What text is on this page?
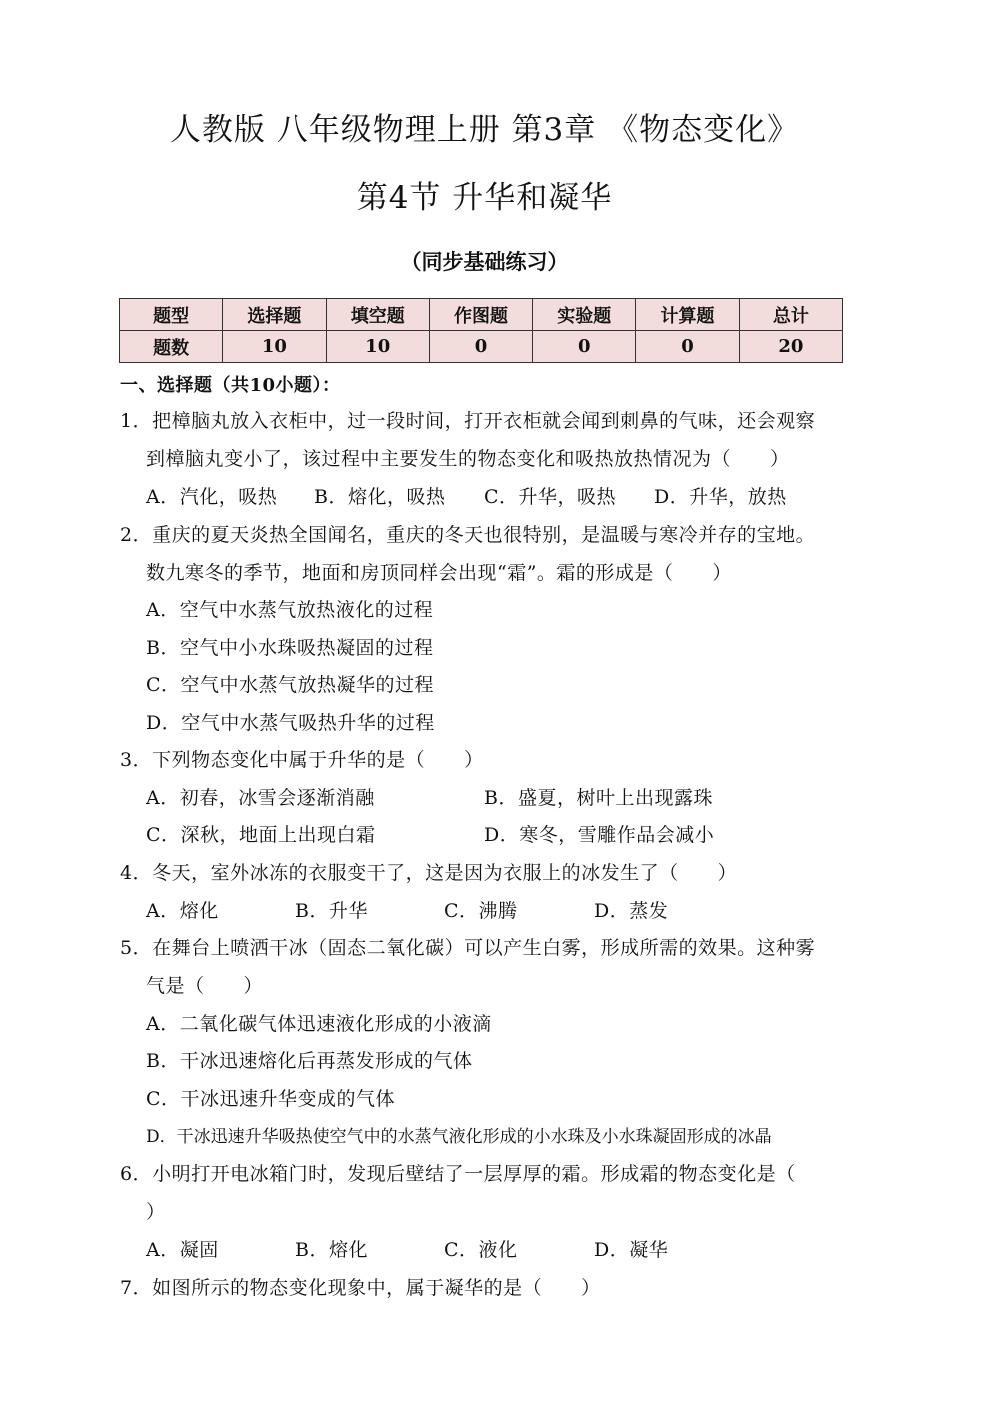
人教版 八年级物理上册 第3章 《物态变化》
第4节 升华和凝华
（同步基础练习）
题型	选择题	填空题	作图题	实验题	计算题	总计
题数	10	10	0	0	0	20
一、选择题（共10小题）：
1．把樟脑丸放入衣柜中，过一段时间，打开衣柜就会闻到刺鼻的气味，还会观察
到樟脑丸变小了，该过程中主要发生的物态变化和吸热放热情况为（　　）
A．汽化，吸热 B．熔化，吸热 C．升华，吸热 D．升华，放热
2．重庆的夏天炎热全国闻名，重庆的冬天也很特别，是温暖与寒冷并存的宝地。
数九寒冬的季节，地面和房顶同样会出现“霜”。霜的形成是（　　）
A．空气中水蒸气放热液化的过程
B．空气中小水珠吸热凝固的过程
C．空气中水蒸气放热凝华的过程
D．空气中水蒸气吸热升华的过程
3．下列物态变化中属于升华的是（　　）
A．初春，冰雪会逐渐消融	B．盛夏，树叶上出现露珠
C．深秋，地面上出现白霜	D．寒冬，雪雕作品会减小
4．冬天，室外冰冻的衣服变干了，这是因为衣服上的冰发生了（　　）
A．熔化	B．升华	C．沸腾	D．蒸发
5．在舞台上喷洒干冰（固态二氧化碳）可以产生白雾，形成所需的效果。这种雾
气是（　　）
A．二氧化碳气体迅速液化形成的小液滴
B．干冰迅速熔化后再蒸发形成的气体
C．干冰迅速升华变成的气体
D．干冰迅速升华吸热使空气中的水蒸气液化形成的小水珠及小水珠凝固形成的冰晶
6．小明打开电冰箱门时，发现后壁结了一层厚厚的霜。形成霜的物态变化是（
）
A．凝固	B．熔化	C．液化	D．凝华
7．如图所示的物态变化现象中，属于凝华的是（　　）
